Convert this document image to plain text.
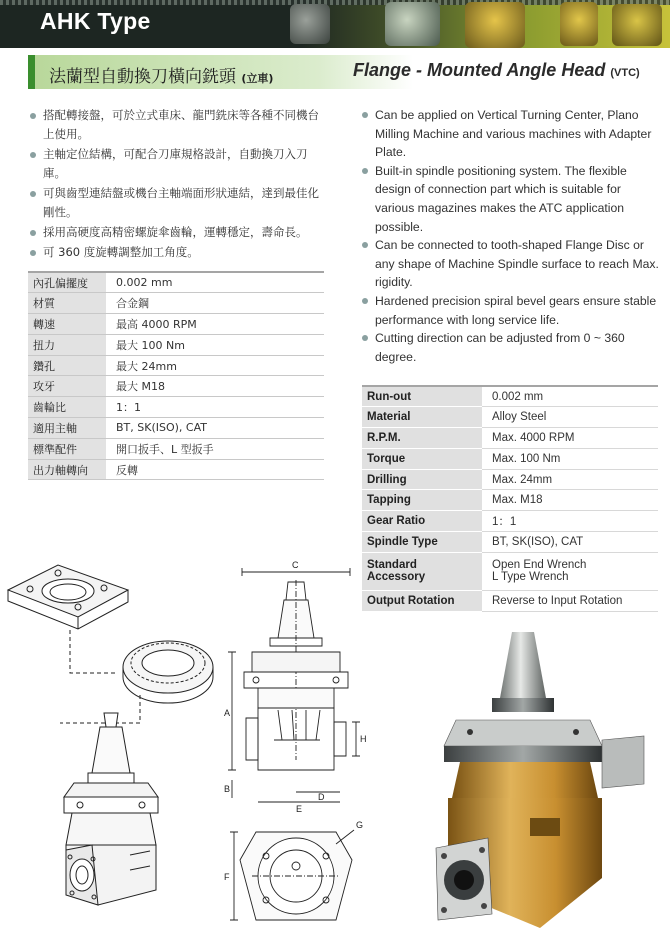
AHK Type
法蘭型自動換刀橫向銑頭 (立車)	Flange - Mounted Angle Head (VTC)
搭配轉接盤，可於立式車床、龍門銑床等各種不同機台上使用。
主軸定位結構，可配合刀庫規格設計，自動換刀入刀庫。
可與齒型連結盤或機台主軸端面形狀連結，達到最佳化剛性。
採用高硬度高精密螺旋傘齒輪，運轉穩定，壽命長。
可 360 度旋轉調整加工角度。
Can be applied on Vertical Turning Center, Plano Milling Machine and various machines with Adapter Plate.
Built-in spindle positioning system. The flexible design of connection part which is suitable for various magazines makes the ATC application possible.
Can be connected to tooth-shaped Flange Disc or any shape of Machine Spindle surface to reach Max. rigidity.
Hardened precision spiral bevel gears ensure stable performance with long service life.
Cutting direction can be adjusted from 0 ~ 360 degree.
內孔偏擺度	0.002 mm
材質	合金鋼
轉速	最高 4000 RPM
扭力	最大 100 Nm
鑽孔	最大 24mm
攻牙	最大 M18
齒輪比	1：1
適用主軸	BT, SK(ISO), CAT
標準配件	開口扳手、L 型扳手
出力軸轉向	反轉
Run-out	0.002 mm
Material	Alloy Steel
R.P.M.	Max. 4000 RPM
Torque	Max. 100 Nm
Drilling	Max. 24mm
Tapping	Max. M18
Gear Ratio	1：1
Spindle Type	BT, SK(ISO), CAT
Standard Accessory	Open End Wrench
L Type Wrench

Output Rotation	Reverse to Input Rotation
C
A
B
D
E
H
F
G
